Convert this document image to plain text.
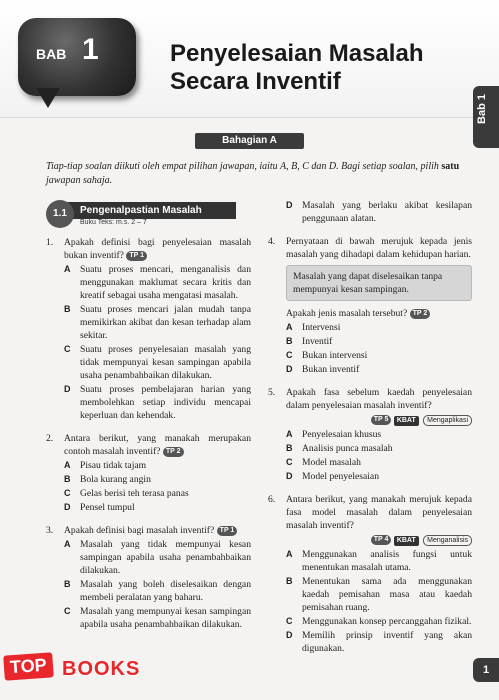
BAB 1	Penyelesaian Masalah
Secara Inventif
Bab 1
Bahagian A
Tiap-tiap soalan diikuti oleh empat pilihan jawapan, iaitu A, B, C dan D. Bagi setiap soalan, pilih satu jawapan sahaja.
Pengenalpastian Masalah
1.1
Buku Teks: m.s. 2 – 7
1.	Apakah definisi bagi penyelesaian masalah bukan inventif? TP 1
A Suatu proses mencari, menganalisis dan menggunakan maklumat secara kritis dan kreatif sebagai usaha mengatasi masalah.
B Suatu proses mencari jalan mudah tanpa memikirkan akibat dan kesan terhadap alam sekitar.
C Suatu proses penyelesaian masalah yang tidak mempunyai kesan sampingan apabila usaha penambahbaikan dilakukan.
D Suatu proses pembelajaran harian yang membolehkan setiap individu mencapai keperluan dan kehendak.
2.	Antara berikut, yang manakah merupakan contoh masalah inventif? TP 2
A Pisau tidak tajam
B Bola kurang angin
C Gelas berisi teh terasa panas
D Pensel tumpul
3.	Apakah definisi bagi masalah inventif? TP 1
A Masalah yang tidak mempunyai kesan sampingan apabila usaha penambahbaikan dilakukan.
B Masalah yang boleh diselesaikan dengan membeli peralatan yang baharu.
C Masalah yang mempunyai kesan sampingan apabila usaha penambahbaikan dilakukan.
D Masalah yang berlaku akibat kesilapan penggunaan alatan.
4.	Pernyataan di bawah merujuk kepada jenis masalah yang dihadapi dalam kehidupan harian.
Masalah yang dapat diselesaikan tanpa mempunyai kesan sampingan.
Apakah jenis masalah tersebut? TP 2
A Intervensi
B Inventif
C Bukan intervensi
D Bukan inventif
5.	Apakah fasa sebelum kaedah penyelesaian dalam penyelesaian masalah inventif?
TP 5 KBAT Mengaplikasi
A Penyelesaian khusus
B Analisis punca masalah
C Model masalah
D Model penyelesaian
6.	Antara berikut, yang manakah merujuk kepada fasa model masalah dalam penyelesaian masalah inventif?
TP 4 KBAT Menganalisis
A Menggunakan analisis fungsi untuk menentukan masalah utama.
B Menentukan sama ada menggunakan kaedah pemisahan masa atau kaedah pemisahan ruang.
C Menggunakan konsep percanggahan fizikal.
D Memilih prinsip inventif yang akan digunakan.
TOP BOOKS	1
